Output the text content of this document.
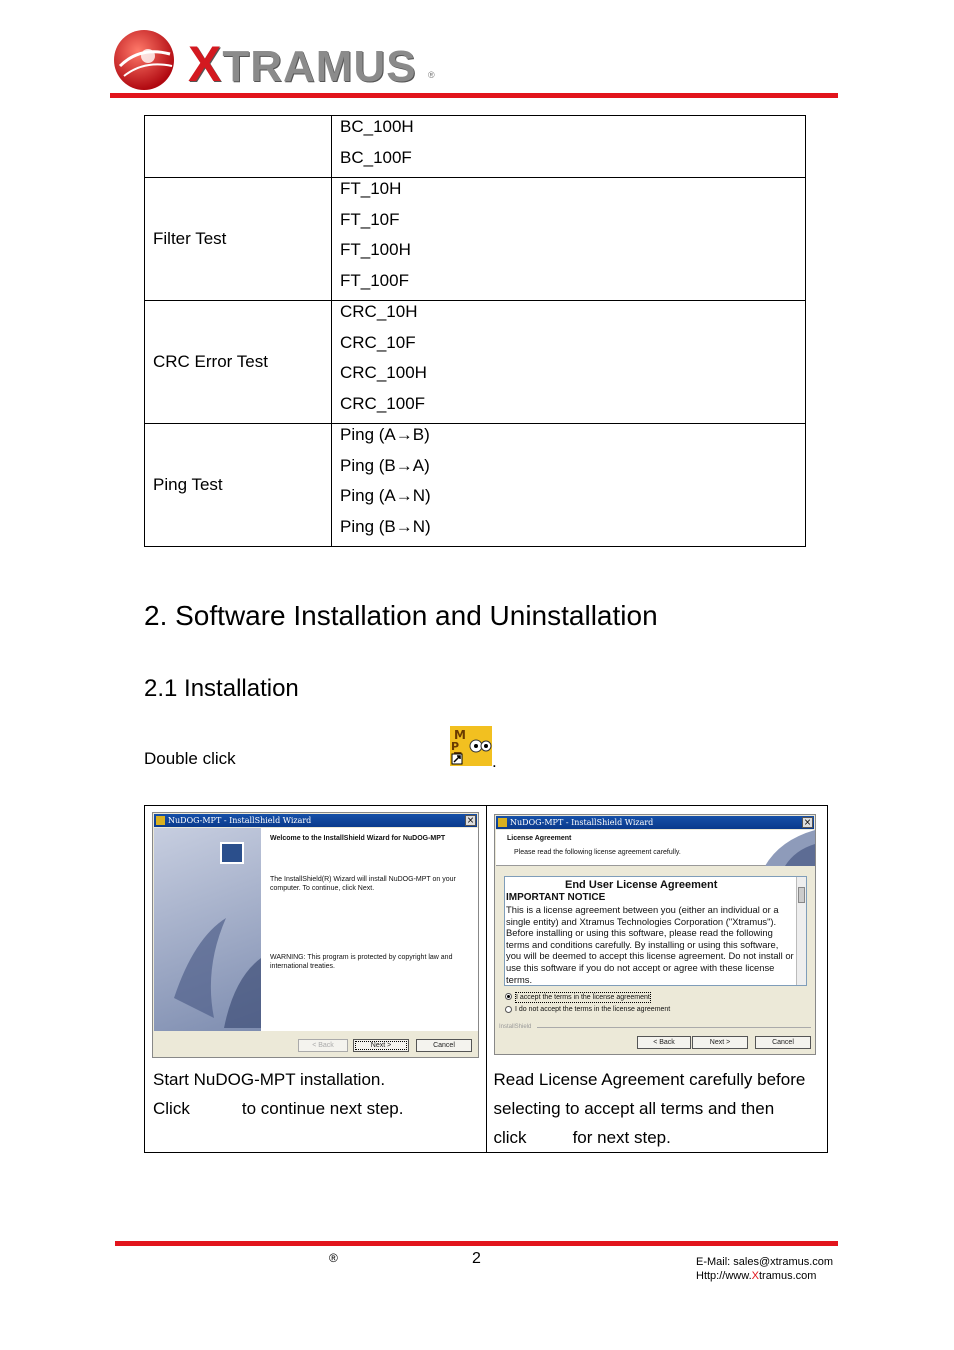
XTRAMUS ®

	BC_100H
BC_100F

Filter Test	FT_10H
FT_10F
FT_100H
FT_100F

CRC Error Test	CRC_10H
CRC_10F
CRC_100H
CRC_100F

Ping Test	Ping (A→B)
Ping (B→A)
Ping (A→N)
Ping (B→N)
2. Software Installation and Uninstallation
2.1 Installation
Double click
M
P
.
Start NuDOG-MPT installation.
Click	to continue next step.

Read License Agreement carefully before
selecting to accept all terms and then
click	for next step.
NuDOG-MPT - InstallShield Wizard	×
Welcome to the InstallShield Wizard for NuDOG-MPT
The InstallShield(R) Wizard will install NuDOG-MPT on your computer. To continue, click Next.
WARNING: This program is protected by copyright law and international treaties.
< Back	Next >	Cancel
NuDOG-MPT - InstallShield Wizard	×
License Agreement
Please read the following license agreement carefully.
End User License Agreement
IMPORTANT NOTICE
This is a license agreement between you (either an individual or a single entity) and Xtramus Technologies Corporation ("Xtramus"). Before installing or using this software, please read the following terms and conditions carefully. By installing or using this software, you will be deemed to accept this license agreement. Do not install or use this software if you do not accept or agree with these license terms.
I accept the terms in the license agreement
I do not accept the terms in the license agreement
InstallShield
< Back	Next >	Cancel
®	2	E-Mail: sales@xtramus.com
Http://www.Xtramus.com
